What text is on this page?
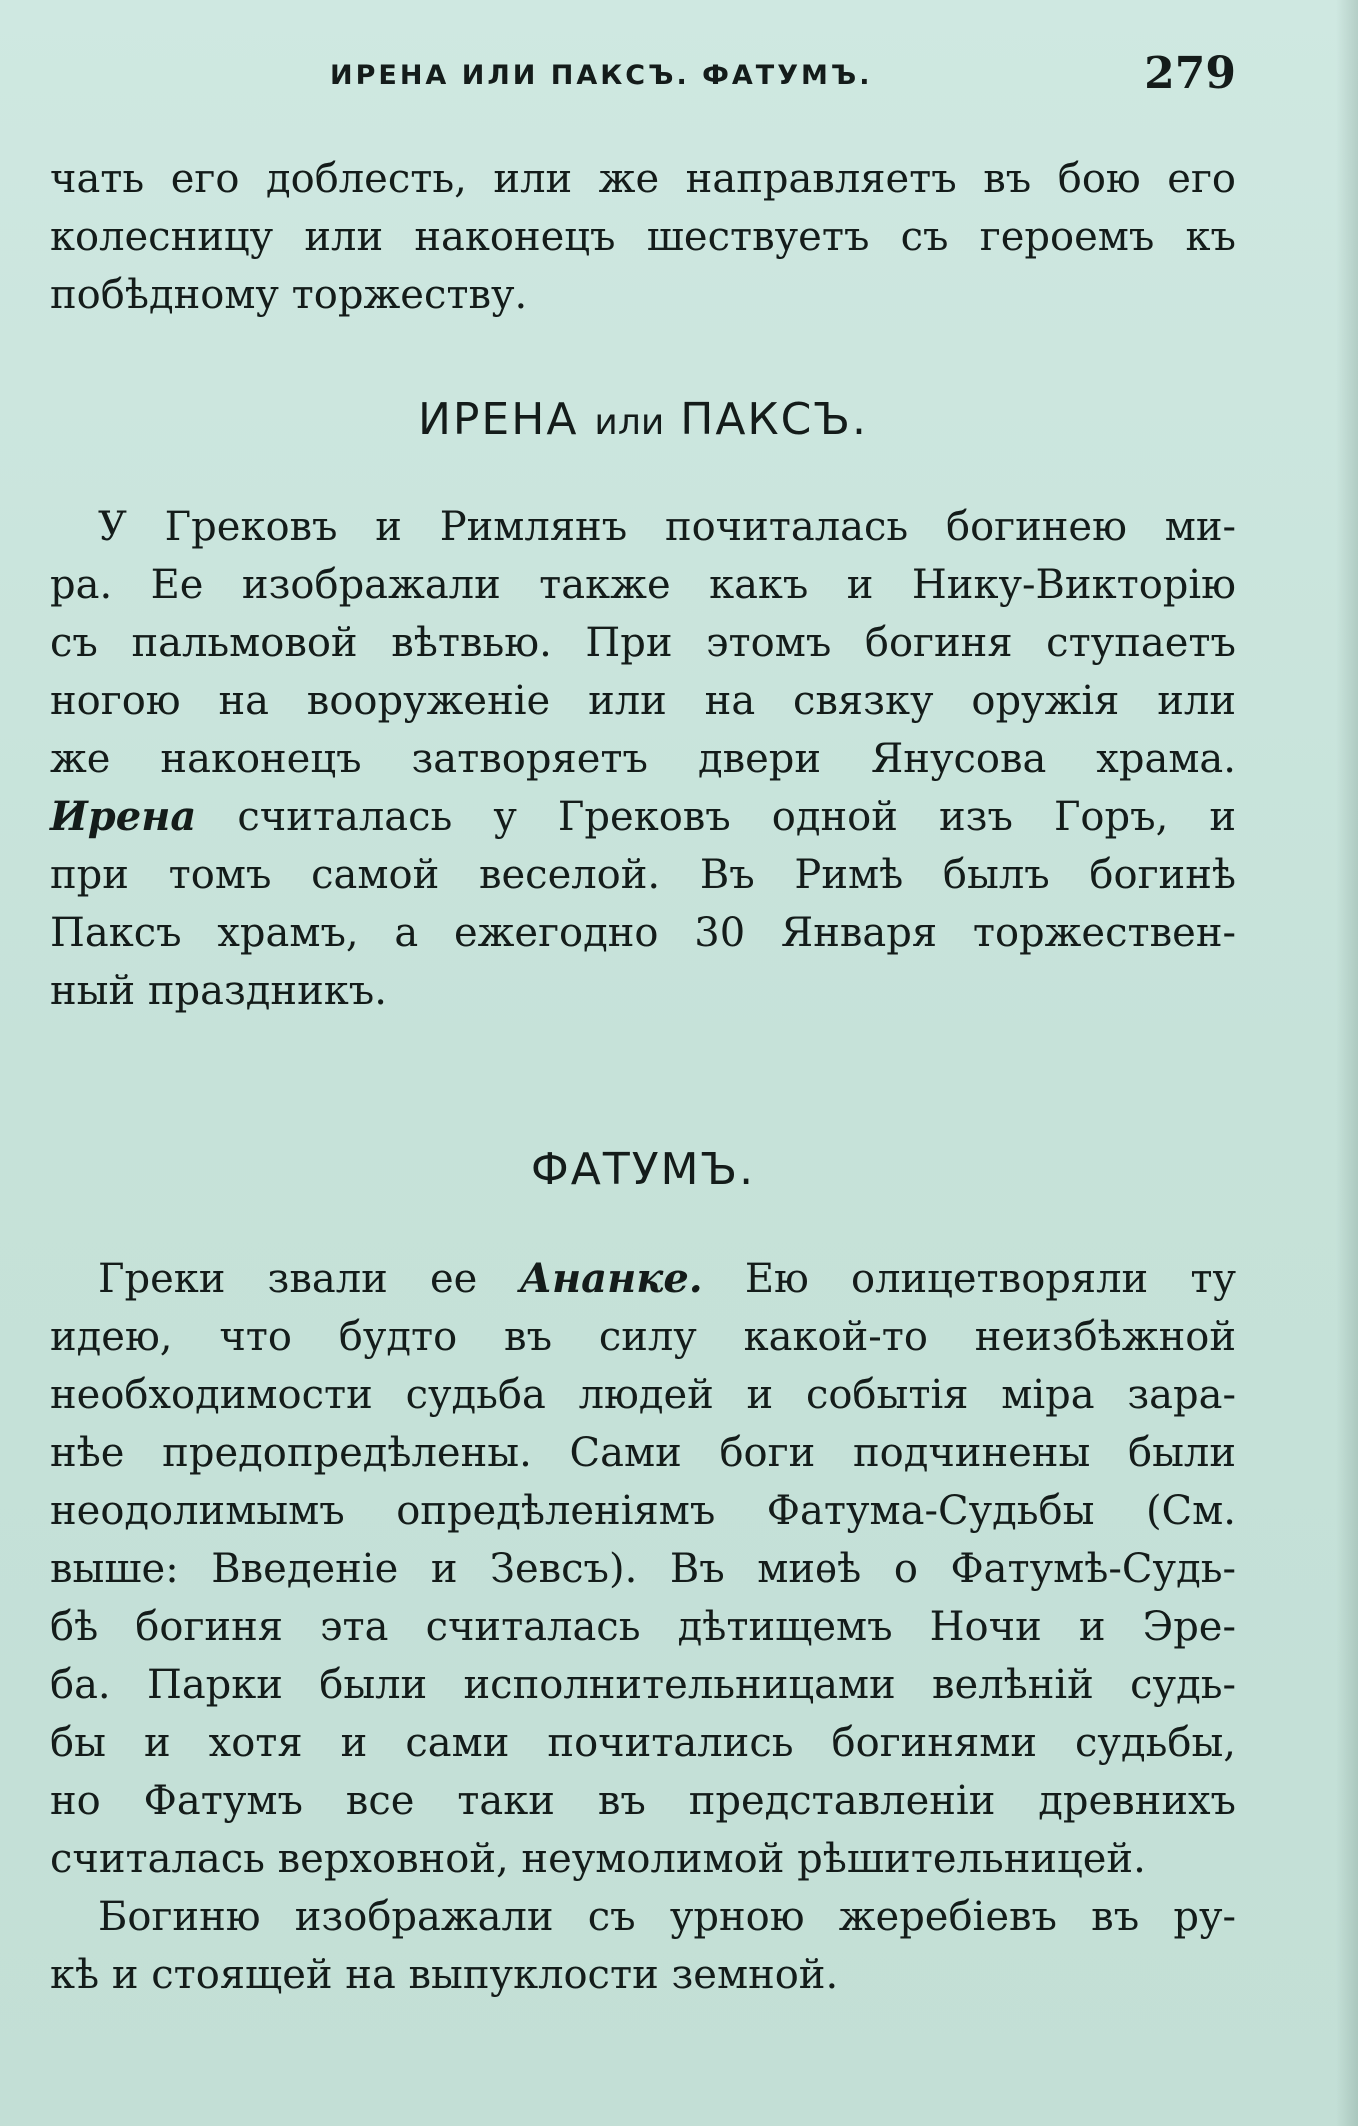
ИРЕНА ИЛИ ПАКСЪ. ФАТУМЪ.	279
чать его доблесть, или же направляетъ въ бою его
колесницу или наконецъ шествуетъ съ героемъ къ
побѣдному торжеству.
ИРЕНА или ПАКСЪ.
У Грековъ и Римлянъ почиталась богинею ми-
ра. Ее изображали также какъ и Нику-Викторію
съ пальмовой вѣтвью. При этомъ богиня ступаетъ
ногою на вооруженіе или на связку оружія или
же наконецъ затворяетъ двери Янусова храма.
Ирена считалась у Грековъ одной изъ Горъ, и
при томъ самой веселой. Въ Римѣ былъ богинѣ
Паксъ храмъ, а ежегодно 30 Января торжествен-
ный праздникъ.
ФАТУМЪ.
Греки звали ее Ананке. Ею олицетворяли ту
идею, что будто въ силу какой-то неизбѣжной
необходимости судьба людей и событія міра зара-
нѣе предопредѣлены. Сами боги подчинены были
неодолимымъ опредѣленіямъ Фатума-Судьбы (См.
выше: Введеніе и Зевсъ). Въ миѳѣ о Фатумѣ-Судь-
бѣ богиня эта считалась дѣтищемъ Ночи и Эре-
ба. Парки были исполнительницами велѣній судь-
бы и хотя и сами почитались богинями судьбы,
но Фатумъ все таки въ представленіи древнихъ
считалась верховной, неумолимой рѣшительницей.
Богиню изображали съ урною жеребіевъ въ ру-
кѣ и стоящей на выпуклости земной.
